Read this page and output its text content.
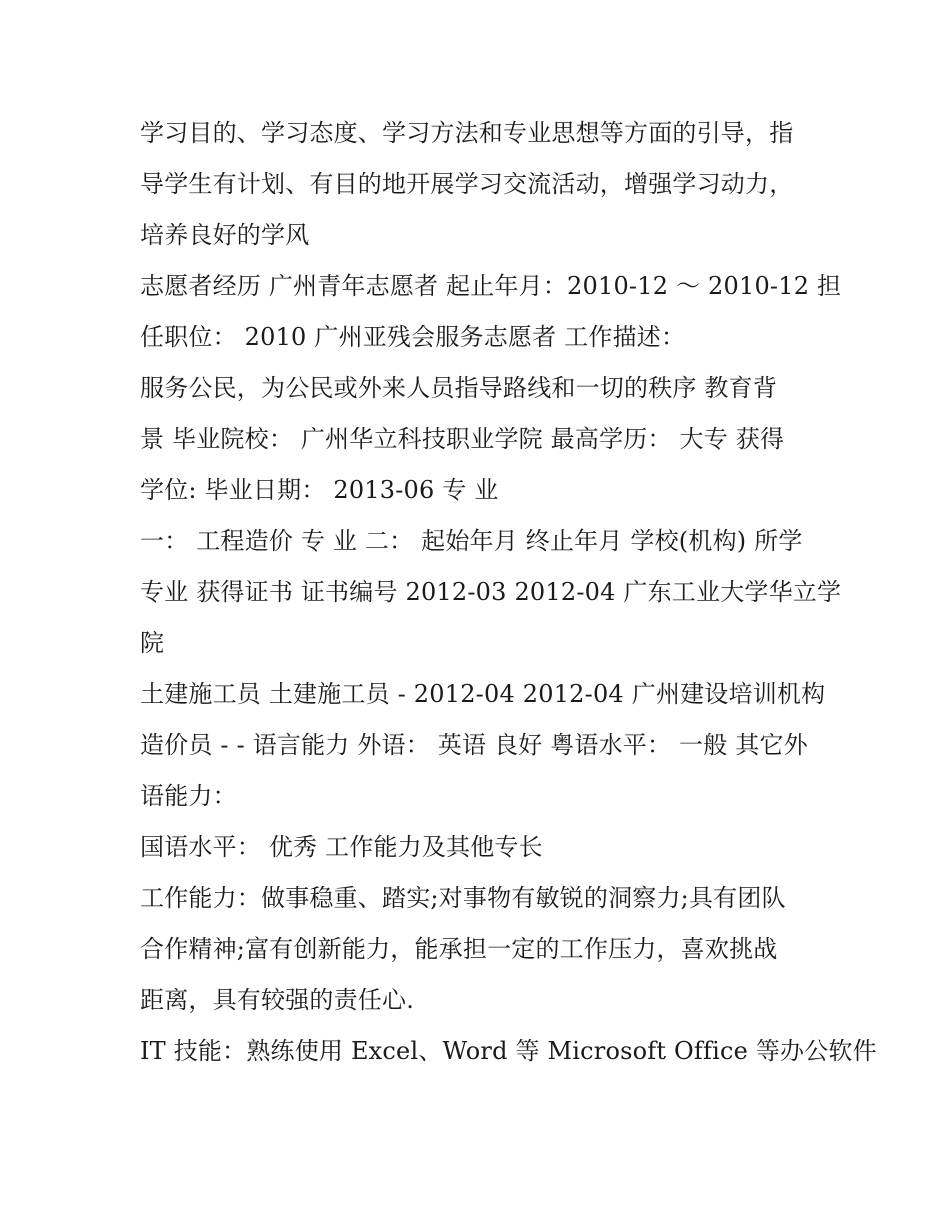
学习目的、学习态度、学习方法和专业思想等方面的引导，指
导学生有计划、有目的地开展学习交流活动，增强学习动力，
培养良好的学风

志愿者经历 广州青年志愿者 起止年月：2010-12 ～ 2010-12 担
任职位： 2010 广州亚残会服务志愿者 工作描述：

服务公民，为公民或外来人员指导路线和一切的秩序 教育背
景 毕业院校： 广州华立科技职业学院 最高学历： 大专 获得
学位: 毕业日期： 2013-06 专 业

一： 工程造价 专 业 二： 起始年月 终止年月 学校(机构) 所学
专业 获得证书 证书编号 2012-03 2012-04 广东工业大学华立学
院

土建施工员 土建施工员 - 2012-04 2012-04 广州建设培训机构
造价员 - - 语言能力 外语： 英语 良好 粤语水平： 一般 其它外
语能力：

国语水平： 优秀 工作能力及其他专长

工作能力：做事稳重、踏实;对事物有敏锐的洞察力;具有团队
合作精神;富有创新能力，能承担一定的工作压力，喜欢挑战
距离，具有较强的责任心.

IT 技能：熟练使用 Excel、Word 等 Microsoft Office 等办公软件
